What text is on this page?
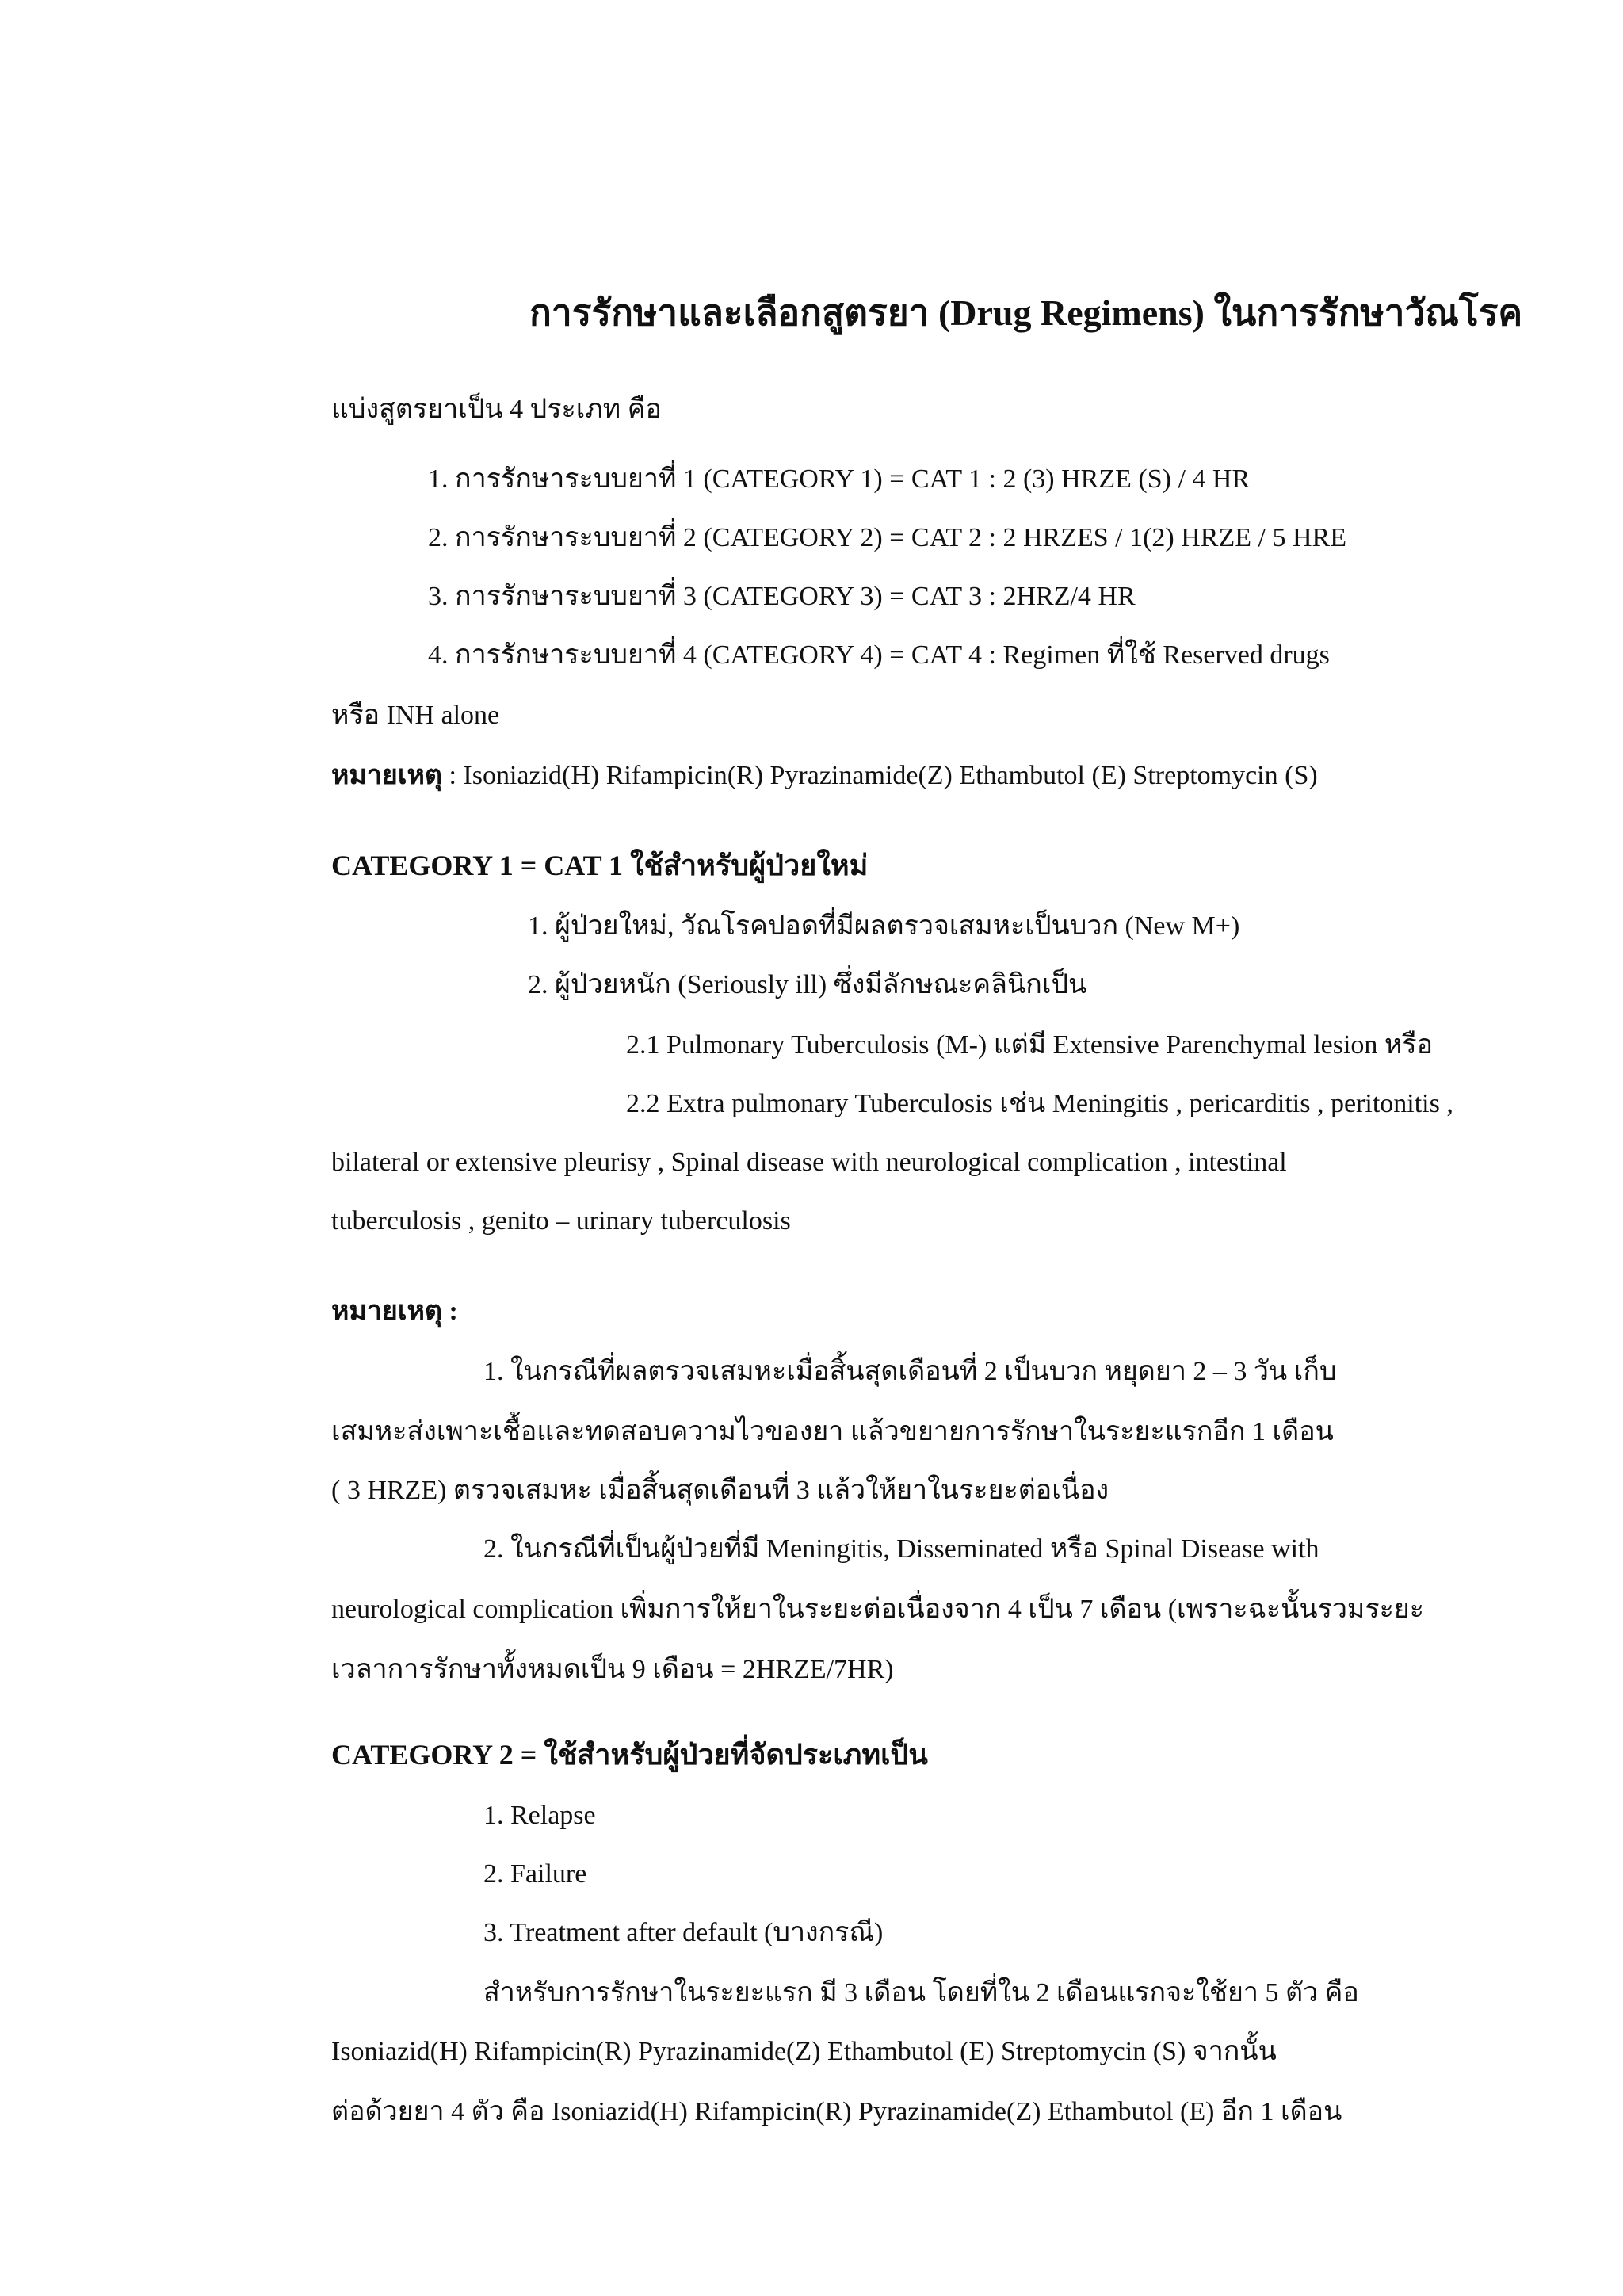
การรักษาและเลือกสูตรยา (Drug Regimens) ในการรักษาวัณโรค
แบ่งสูตรยาเป็น 4 ประเภท คือ
1. การรักษาระบบยาที่ 1 (CATEGORY 1) = CAT 1 : 2 (3) HRZE (S) / 4 HR
2. การรักษาระบบยาที่ 2 (CATEGORY 2) = CAT 2 : 2 HRZES / 1(2) HRZE / 5 HRE
3. การรักษาระบบยาที่ 3 (CATEGORY 3) = CAT 3 : 2HRZ/4 HR
4. การรักษาระบบยาที่ 4 (CATEGORY 4) = CAT 4 : Regimen ที่ใช้ Reserved drugs
หรือ INH alone
หมายเหตุ : Isoniazid(H) Rifampicin(R) Pyrazinamide(Z) Ethambutol (E) Streptomycin (S)
CATEGORY 1 = CAT 1 ใช้สำหรับผู้ป่วยใหม่
1. ผู้ป่วยใหม่, วัณโรคปอดที่มีผลตรวจเสมหะเป็นบวก (New M+)
2. ผู้ป่วยหนัก (Seriously ill) ซึ่งมีลักษณะคลินิกเป็น
2.1 Pulmonary Tuberculosis (M-) แต่มี Extensive Parenchymal lesion หรือ
2.2 Extra pulmonary Tuberculosis เช่น Meningitis , pericarditis , peritonitis ,
bilateral or extensive pleurisy , Spinal disease with neurological complication , intestinal
tuberculosis , genito – urinary tuberculosis
หมายเหตุ :
1. ในกรณีที่ผลตรวจเสมหะเมื่อสิ้นสุดเดือนที่ 2 เป็นบวก หยุดยา 2 – 3 วัน เก็บ
เสมหะส่งเพาะเชื้อและทดสอบความไวของยา แล้วขยายการรักษาในระยะแรกอีก 1 เดือน
( 3 HRZE) ตรวจเสมหะ เมื่อสิ้นสุดเดือนที่ 3 แล้วให้ยาในระยะต่อเนื่อง
2. ในกรณีที่เป็นผู้ป่วยที่มี Meningitis, Disseminated หรือ Spinal Disease with
neurological complication เพิ่มการให้ยาในระยะต่อเนื่องจาก 4 เป็น 7 เดือน (เพราะฉะนั้นรวมระยะ
เวลาการรักษาทั้งหมดเป็น 9 เดือน = 2HRZE/7HR)
CATEGORY 2 = ใช้สำหรับผู้ป่วยที่จัดประเภทเป็น
1. Relapse
2. Failure
3. Treatment after default (บางกรณี)
สำหรับการรักษาในระยะแรก มี 3 เดือน โดยที่ใน 2 เดือนแรกจะใช้ยา 5 ตัว คือ
Isoniazid(H) Rifampicin(R) Pyrazinamide(Z) Ethambutol (E) Streptomycin (S) จากนั้น
ต่อด้วยยา 4 ตัว คือ Isoniazid(H) Rifampicin(R) Pyrazinamide(Z) Ethambutol (E) อีก 1 เดือน
